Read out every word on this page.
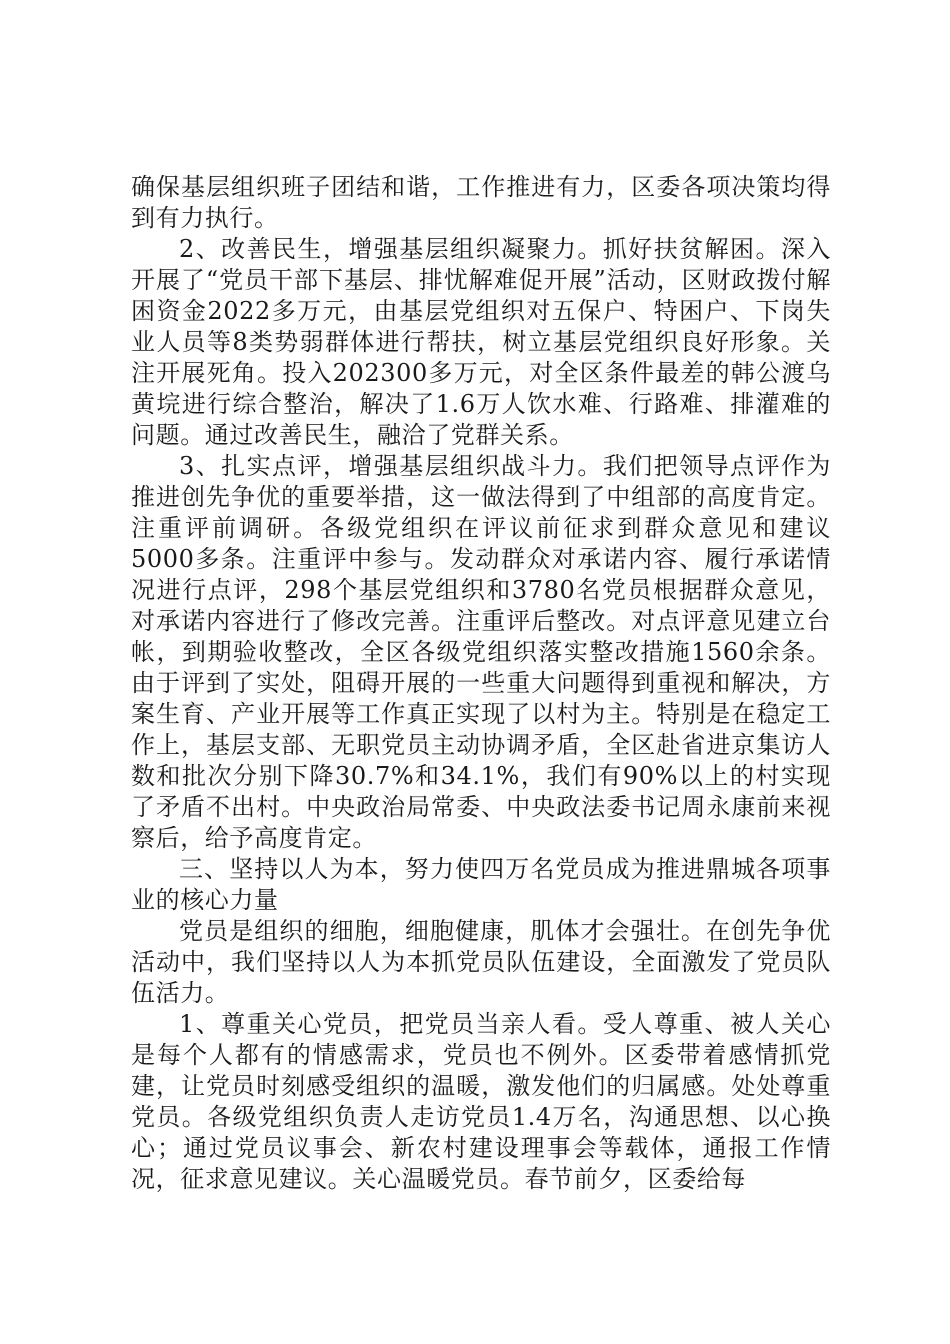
确保基层组织班子团结和谐，工作推进有力，区委各项决策均得到有力执行。

2、改善民生，增强基层组织凝聚力。抓好扶贫解困。深入开展了“党员干部下基层、排忧解难促开展”活动，区财政拨付解困资金2022多万元，由基层党组织对五保户、特困户、下岗失业人员等8类势弱群体进行帮扶，树立基层党组织良好形象。关注开展死角。投入202300多万元，对全区条件最差的韩公渡乌黄垸进行综合整治，解决了1.6万人饮水难、行路难、排灌难的问题。通过改善民生，融洽了党群关系。

3、扎实点评，增强基层组织战斗力。我们把领导点评作为推进创先争优的重要举措，这一做法得到了中组部的高度肯定。注重评前调研。各级党组织在评议前征求到群众意见和建议5000多条。注重评中参与。发动群众对承诺内容、履行承诺情况进行点评，298个基层党组织和3780名党员根据群众意见，对承诺内容进行了修改完善。注重评后整改。对点评意见建立台帐，到期验收整改，全区各级党组织落实整改措施1560余条。由于评到了实处，阻碍开展的一些重大问题得到重视和解决，方案生育、产业开展等工作真正实现了以村为主。特别是在稳定工作上，基层支部、无职党员主动协调矛盾，全区赴省进京集访人数和批次分别下降30.7%和34.1%，我们有90%以上的村实现了矛盾不出村。中央政治局常委、中央政法委书记周永康前来视察后，给予高度肯定。

三、坚持以人为本，努力使四万名党员成为推进鼎城各项事业的核心力量

党员是组织的细胞，细胞健康，肌体才会强壮。在创先争优活动中，我们坚持以人为本抓党员队伍建设，全面激发了党员队伍活力。

1、尊重关心党员，把党员当亲人看。受人尊重、被人关心是每个人都有的情感需求，党员也不例外。区委带着感情抓党建，让党员时刻感受组织的温暖，激发他们的归属感。处处尊重党员。各级党组织负责人走访党员1.4万名，沟通思想、以心换心；通过党员议事会、新农村建设理事会等载体，通报工作情况，征求意见建议。关心温暖党员。春节前夕，区委给每
